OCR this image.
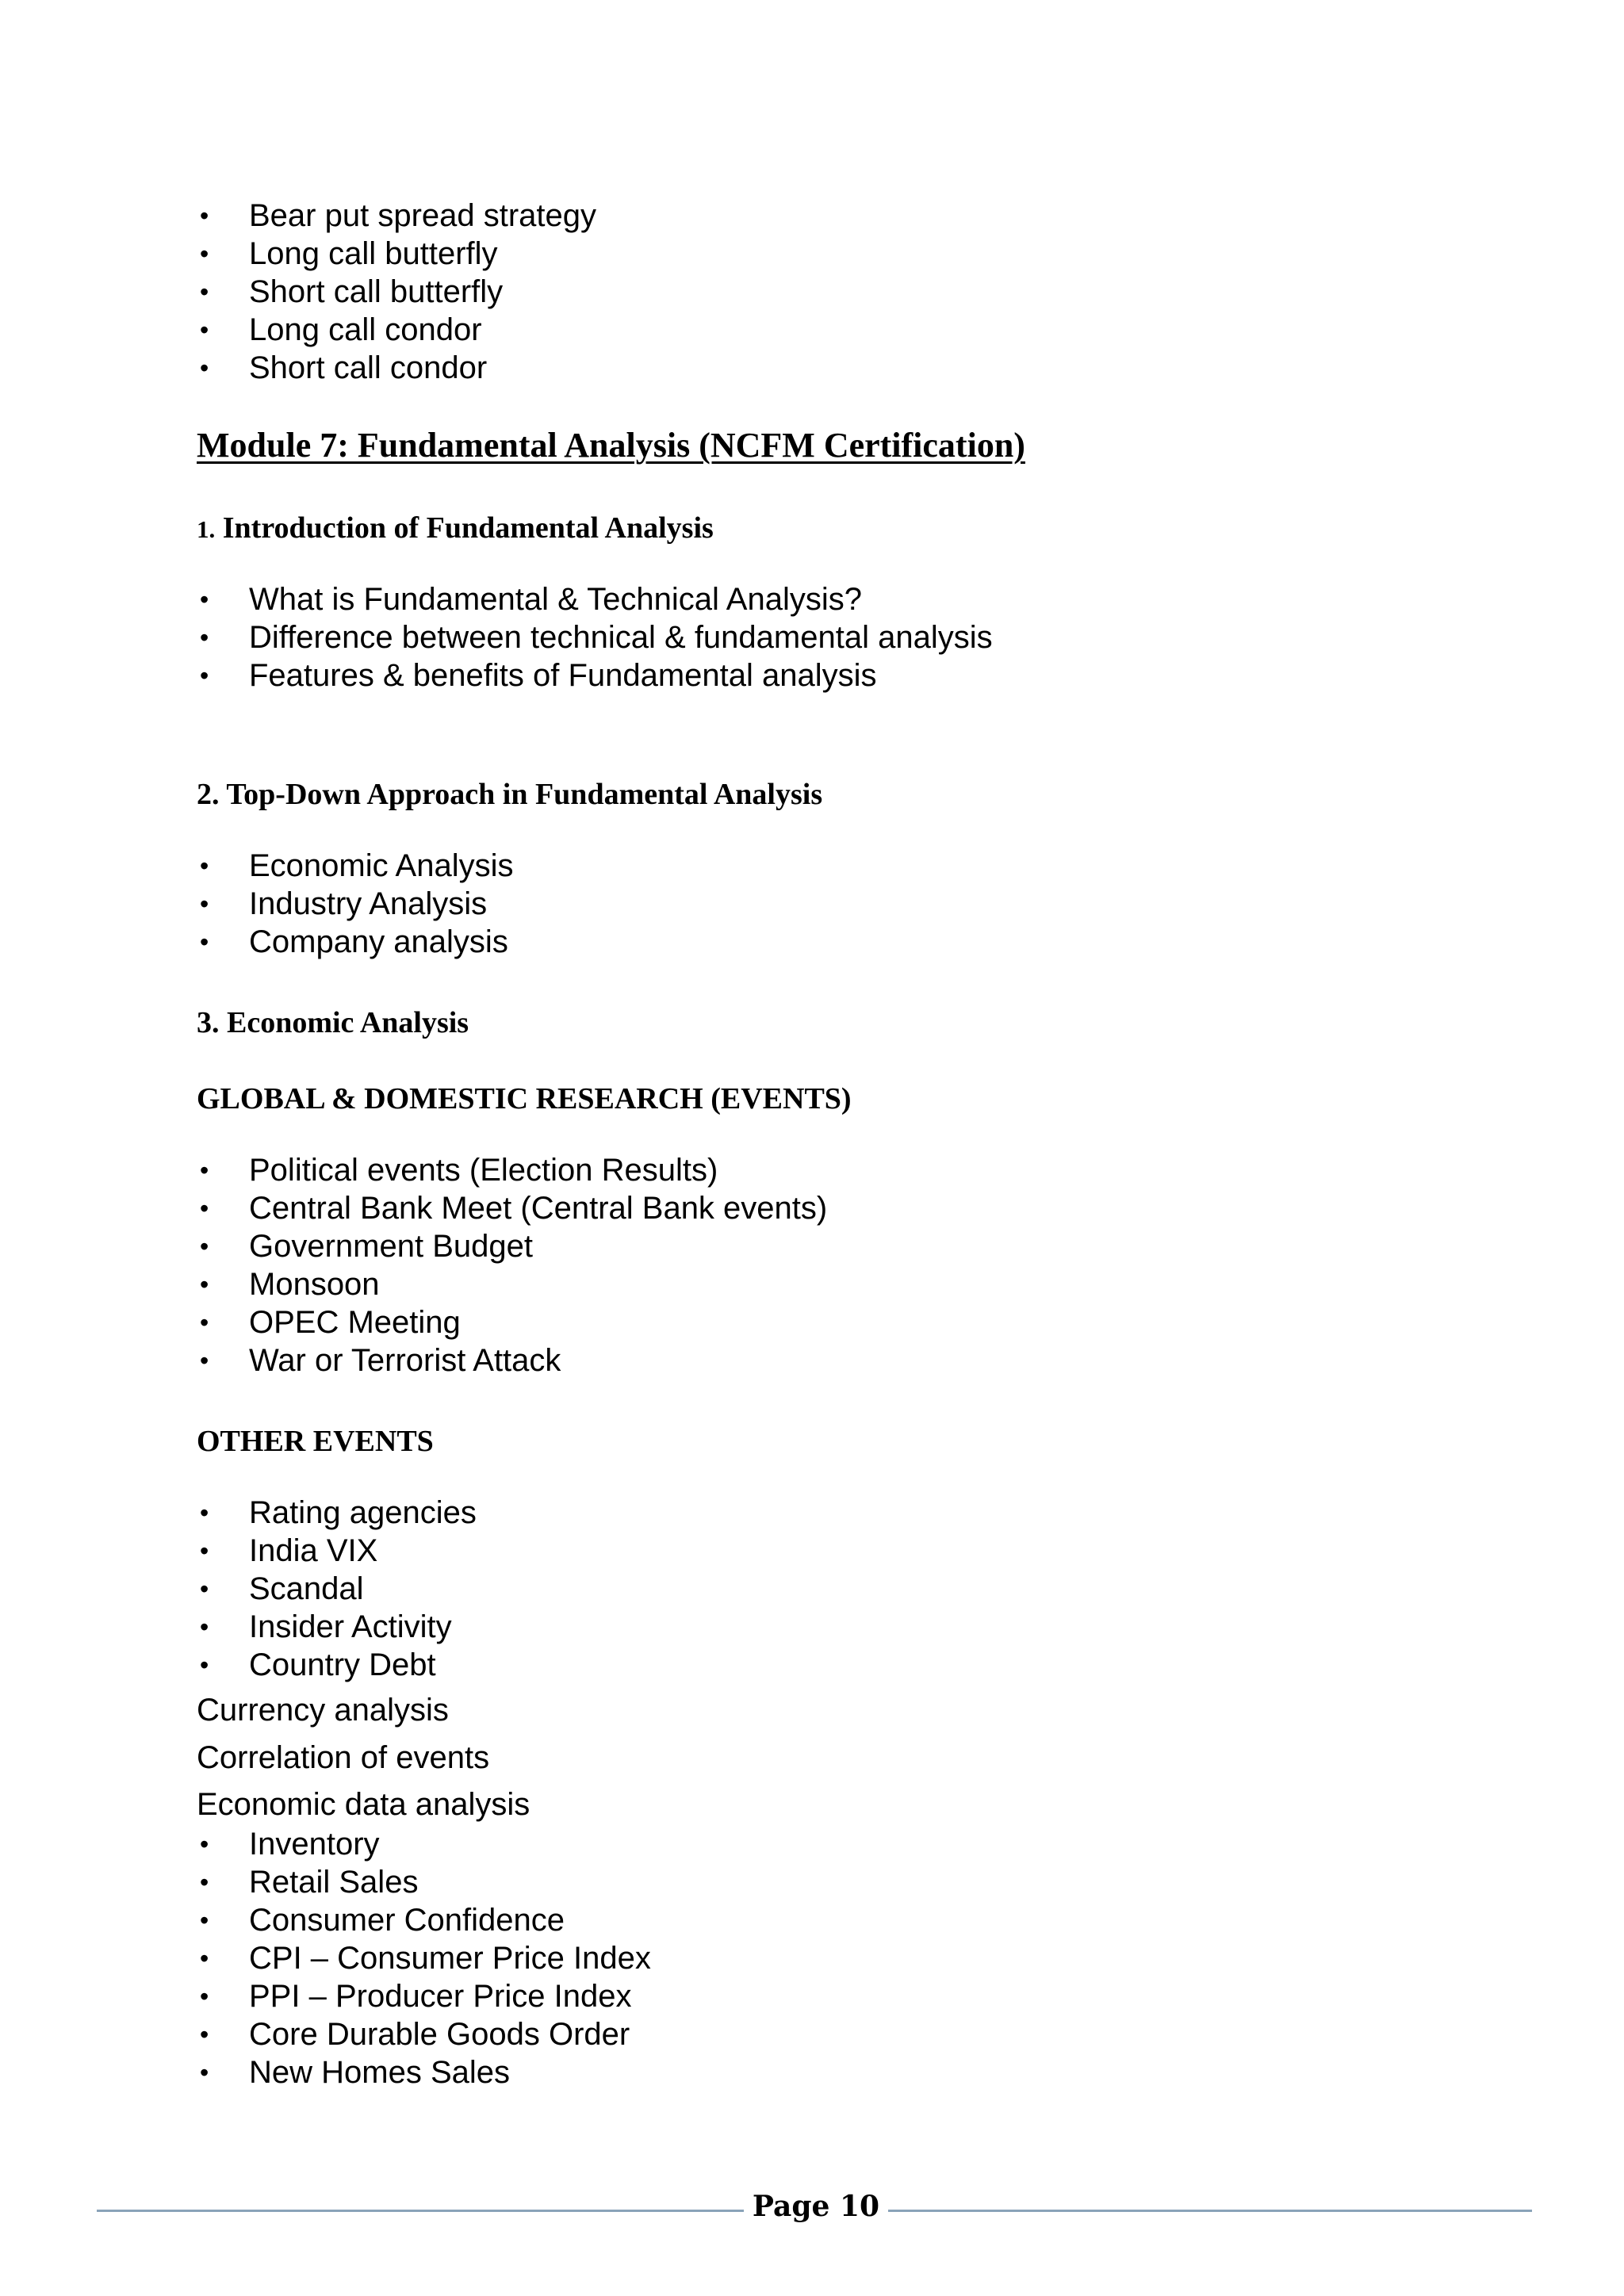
• Bear put spread strategy
• Long call butterfly
• Short call butterfly
• Long call condor
• Short call condor
Module 7: Fundamental Analysis (NCFM Certification)
1. Introduction of Fundamental Analysis
• What is Fundamental & Technical Analysis?
• Difference between technical & fundamental analysis
• Features & benefits of Fundamental analysis
2. Top-Down Approach in Fundamental Analysis
• Economic Analysis
• Industry Analysis
• Company analysis
3. Economic Analysis
GLOBAL & DOMESTIC RESEARCH (EVENTS)
• Political events (Election Results)
• Central Bank Meet (Central Bank events)
• Government Budget
• Monsoon
• OPEC Meeting
• War or Terrorist Attack
OTHER EVENTS
• Rating agencies
• India VIX
• Scandal
• Insider Activity
• Country Debt
Currency analysis
Correlation of events
Economic data analysis
• Inventory
• Retail Sales
• Consumer Confidence
• CPI – Consumer Price Index
• PPI – Producer Price Index
• Core Durable Goods Order
• New Homes Sales
Page 10
